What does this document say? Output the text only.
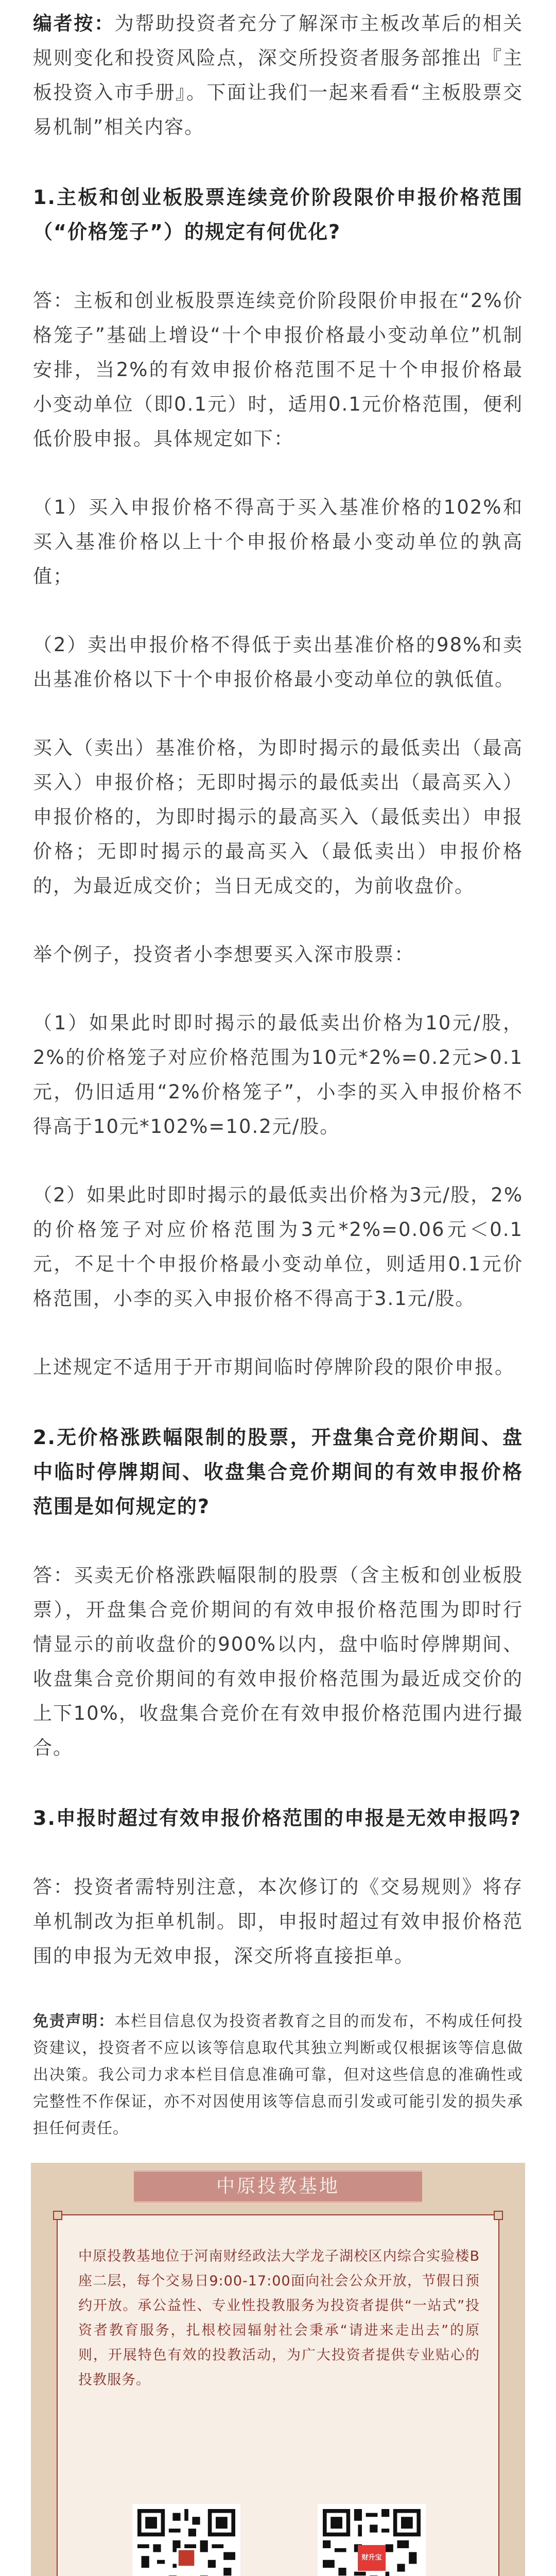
编者按：为帮助投资者充分了解深市主板改革后的相关规则变化和投资风险点，深交所投资者服务部推出『主板投资入市手册』。下面让我们一起来看看“主板股票交易机制”相关内容。

1.主板和创业板股票连续竞价阶段限价申报价格范围（“价格笼子”）的规定有何优化?

答：主板和创业板股票连续竞价阶段限价申报在“2%价格笼子”基础上增设“十个申报价格最小变动单位”机制安排，当2%的有效申报价格范围不足十个申报价格最小变动单位（即0.1元）时，适用0.1元价格范围，便利低价股申报。具体规定如下：

（1）买入申报价格不得高于买入基准价格的102%和买入基准价格以上十个申报价格最小变动单位的孰高值；

（2）卖出申报价格不得低于卖出基准价格的98%和卖出基准价格以下十个申报价格最小变动单位的孰低值。

买入（卖出）基准价格，为即时揭示的最低卖出（最高买入）申报价格；无即时揭示的最低卖出（最高买入）申报价格的，为即时揭示的最高买入（最低卖出）申报价格；无即时揭示的最高买入（最低卖出）申报价格的，为最近成交价；当日无成交的，为前收盘价。

举个例子，投资者小李想要买入深市股票：

（1）如果此时即时揭示的最低卖出价格为10元/股，2%的价格笼子对应价格范围为10元*2%=0.2元>0.1元，仍旧适用“2%价格笼子”，小李的买入申报价格不得高于10元*102%=10.2元/股。

（2）如果此时即时揭示的最低卖出价格为3元/股，2%的价格笼子对应价格范围为3元*2%=0.06元＜0.1元，不足十个申报价格最小变动单位，则适用0.1元价格范围，小李的买入申报价格不得高于3.1元/股。

上述规定不适用于开市期间临时停牌阶段的限价申报。

2.无价格涨跌幅限制的股票，开盘集合竞价期间、盘中临时停牌期间、收盘集合竞价期间的有效申报价格范围是如何规定的?

答：买卖无价格涨跌幅限制的股票（含主板和创业板股票），开盘集合竞价期间的有效申报价格范围为即时行情显示的前收盘价的900%以内，盘中临时停牌期间、收盘集合竞价期间的有效申报价格范围为最近成交价的上下10%，收盘集合竞价在有效申报价格范围内进行撮合。

3.申报时超过有效申报价格范围的申报是无效申报吗?

答：投资者需特别注意，本次修订的《交易规则》将存单机制改为拒单机制。即，申报时超过有效申报价格范围的申报为无效申报，深交所将直接拒单。

免责声明：本栏目信息仅为投资者教育之目的而发布，不构成任何投资建议，投资者不应以该等信息取代其独立判断或仅根据该等信息做出决策。我公司力求本栏目信息准确可靠，但对这些信息的准确性或完整性不作保证，亦不对因使用该等信息而引发或可能引发的损失承担任何责任。

中原投教基地

中原投教基地位于河南财经政法大学龙子湖校区内综合实验楼B座二层，每个交易日9:00-17:00面向社会公众开放，节假日预约开放。承公益性、专业性投教服务为投资者提供“一站式”投资者教育服务，扎根校园辐射社会秉承“请进来走出去”的原则，开展特色有效的投教活动，为广大投资者提供专业贴心的投教服务。

财升宝
